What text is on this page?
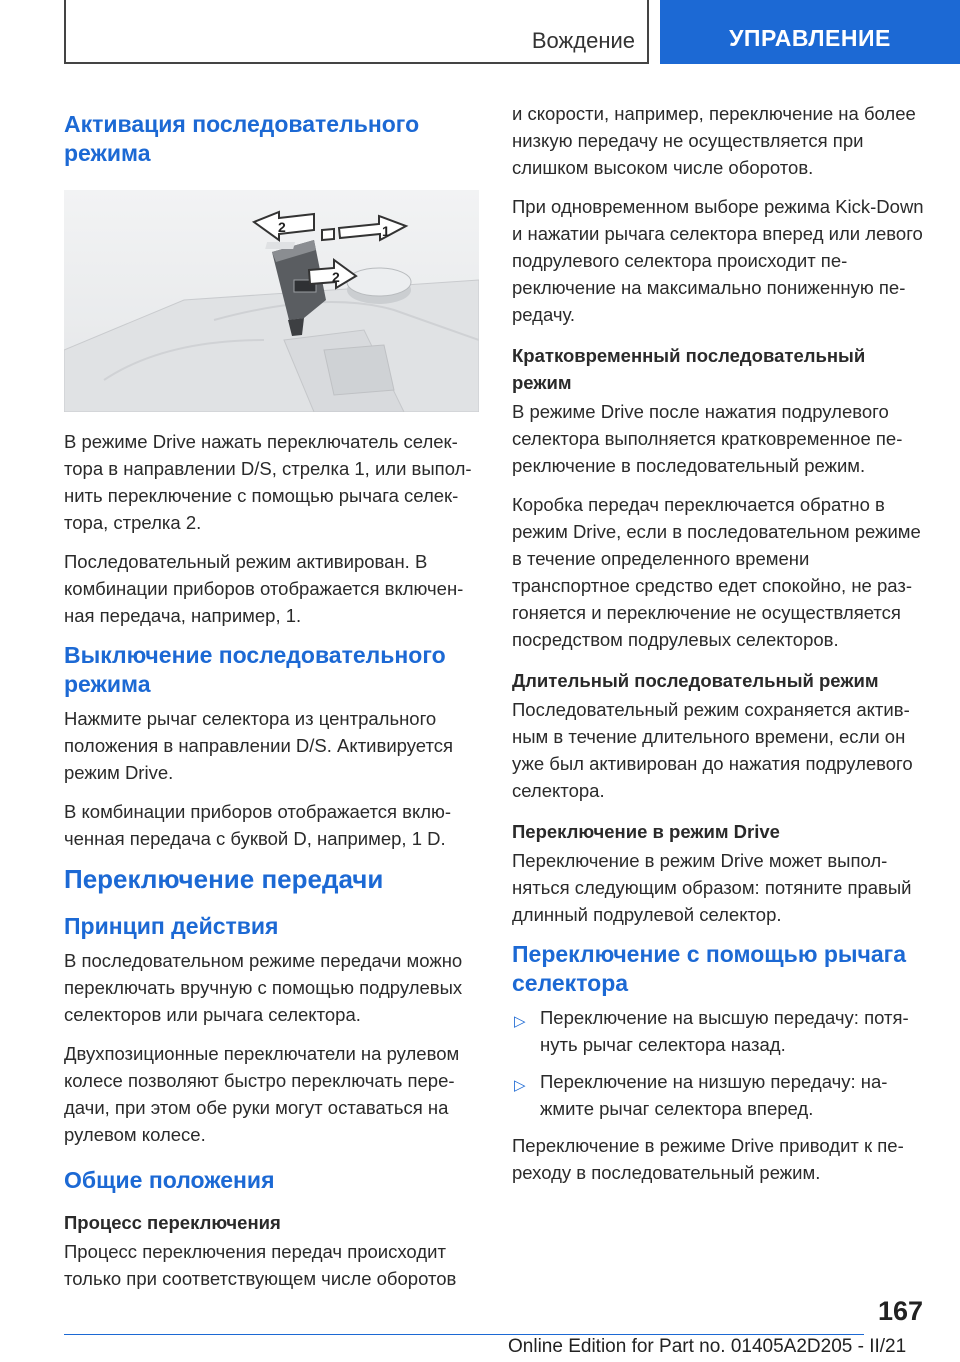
Вождение	УПРАВЛЕНИЕ
Активация последовательного режима
2	1
2

В режиме Drive нажать переключатель селектора в направлении D/S, стрелка 1, или выполнить переключение с помощью рычага селектора, стрелка 2.

Последовательный режим активирован. В комбинации приборов отображается включенная передача, например, 1.

Выключение последовательного режима

Нажмите рычаг селектора из центрального положения в направлении D/S. Активируется режим Drive.

В комбинации приборов отображается включенная передача с буквой D, например, 1 D.

Переключение передачи
Принцип действия

В последовательном режиме передачи можно переключать вручную с помощью подрулевых селекторов или рычага селектора.

Двухпозиционные переключатели на рулевом колесе позволяют быстро переключать передачи, при этом обе руки могут оставаться на рулевом колесе.

Общие положения
Процесс переключения

Процесс переключения передач происходит только при соответствующем числе оборотов

и скорости, например, переключение на более низкую передачу не осуществляется при слишком высоком числе оборотов.

При одновременном выборе режима Kick-Down и нажатии рычага селектора вперед или левого подрулевого селектора происходит переключение на максимально пониженную передачу.

Кратковременный последовательный режим

В режиме Drive после нажатия подрулевого селектора выполняется кратковременное переключение в последовательный режим.

Коробка передач переключается обратно в режим Drive, если в последовательном режиме в течение определенного времени транспортное средство едет спокойно, не разгоняется и переключение не осуществляется посредством подрулевых селекторов.

Длительный последовательный режим

Последовательный режим сохраняется активным в течение длительного времени, если он уже был активирован до нажатия подрулевого селектора.

Переключение в режим Drive

Переключение в режим Drive может выполняться следующим образом: потяните правый длинный подрулевой селектор.

Переключение с помощью рычага селектора
▷ Переключение на высшую передачу: потянуть рычаг селектора назад.
▷ Переключение на низшую передачу: нажмите рычаг селектора вперед.

Переключение в режиме Drive приводит к переходу в последовательный режим.

167
Online Edition for Part no. 01405A2D205 - II/21
